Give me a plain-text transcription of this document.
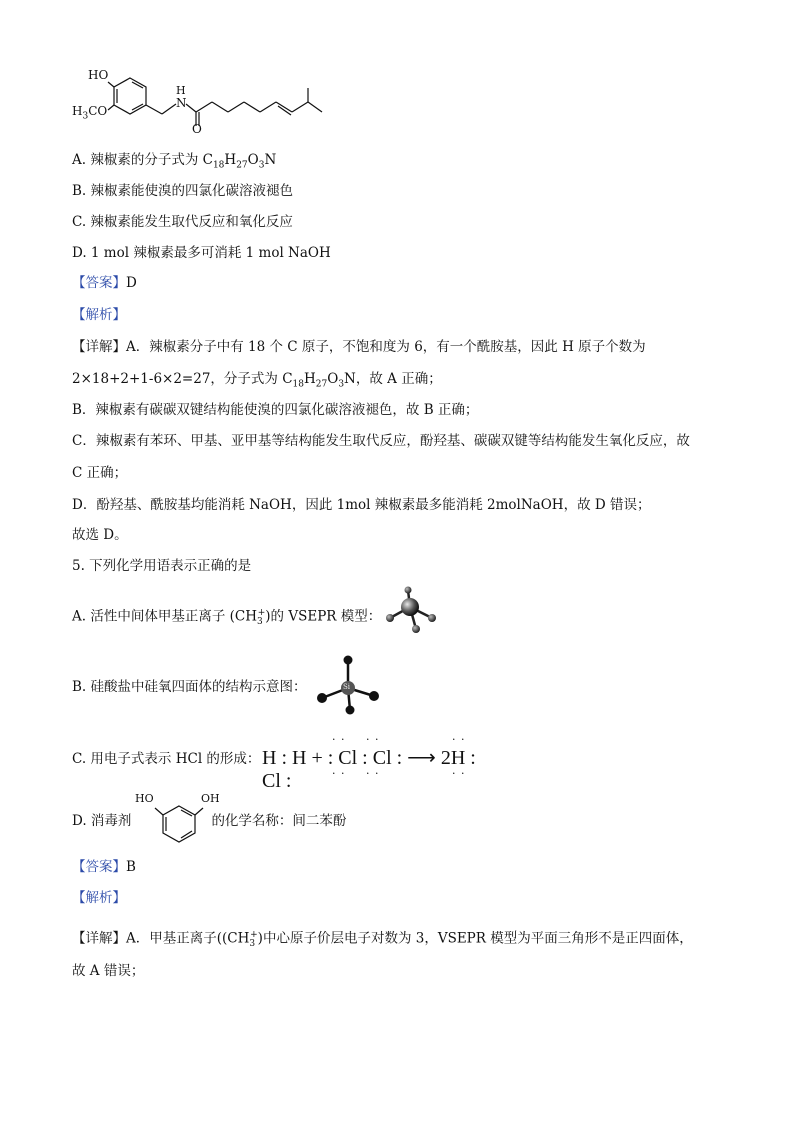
HO
$H_3CO$
H
N
O
A. 辣椒素的分子式为 $C_{18}H_{27}O_3N$
B. 辣椒素能使溴的四氯化碳溶液褪色
C. 辣椒素能发生取代反应和氧化反应
D. 1 mol 辣椒素最多可消耗 1 mol NaOH
【答案】D
【解析】
【详解】A．辣椒素分子中有 18 个 C 原子，不饱和度为 6，有一个酰胺基，因此 H 原子个数为
2×18+2+1-6×2=27，分子式为 $C_{18}H_{27}O_3N$，故 A 正确；
B．辣椒素有碳碳双键结构能使溴的四氯化碳溶液褪色，故 B 正确；
C．辣椒素有苯环、甲基、亚甲基等结构能发生取代反应，酚羟基、碳碳双键等结构能发生氧化反应，故
C 正确；
D．酚羟基、酰胺基均能消耗 NaOH，因此 1mol 辣椒素最多能消耗 2molNaOH，故 D 错误；
故选 D。
5. 下列化学用语表示正确的是
A. 活性中间体甲基正离子 $(CH_3^+)$的 VSEPR 模型：
B. 硅酸盐中硅氧四面体的结构示意图：	Si
C. 用电子式表示 HCl 的形成： H : H + : Cl : Cl : ⟶ 2H : Cl :
· ·
· ·
· ·
· ·
· ·
· ·
D. 消毒剂	的化学名称：间二苯酚
HO	OH
【答案】B
【解析】
【详解】A．甲基正离子($(CH_3^+)$中心原子价层电子对数为 3，VSEPR 模型为平面三角形不是正四面体，
故 A 错误；
